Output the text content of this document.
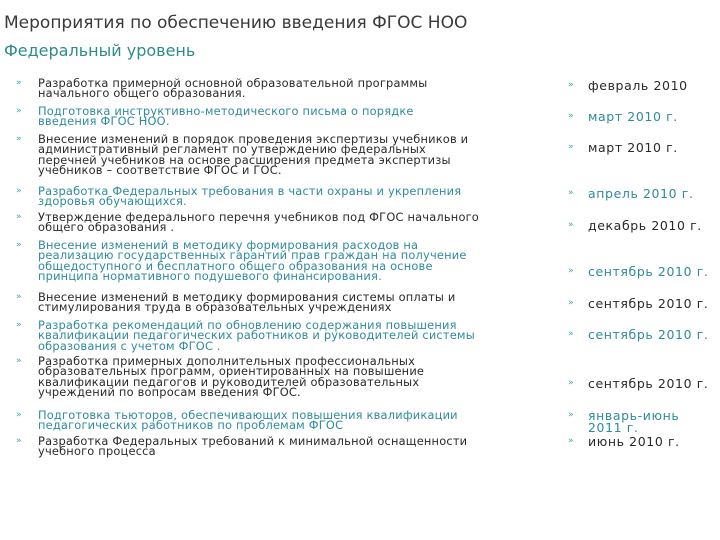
Мероприятия по обеспечению введения ФГОС НОО
Федеральный уровень
» Разработка примерной основной образовательной программы
начального общего образования.
» Подготовка инструктивно-методического письма о порядке
введения ФГОС НОО.
» Внесение изменений в порядок проведения экспертизы учебников и
административный регламент по утверждению федеральных
перечней учебников на основе расширения предмета экспертизы
учебников – соответствие ФГОС и ГОС.
» Разработка Федеральных требования в части охраны и укрепления
здоровья обучающихся.
» Утверждение федерального перечня учебников под ФГОС начального
общего образования .
» Внесение изменений в методику формирования расходов на
реализацию государственных гарантий прав граждан на получение
общедоступного и бесплатного общего образования на основе
принципа нормативного подушевого финансирования.
» Внесение изменений в методику формирования системы оплаты и
стимулирования труда в образовательных учреждениях
» Разработка рекомендаций по обновлению содержания повышения
квалификации педагогических работников и руководителей системы
образования с учетом ФГОС .
» Разработка примерных дополнительных профессиональных
образовательных программ, ориентированных на повышение
квалификации педагогов и руководителей образовательных
учреждений по вопросам введения ФГОС.
» Подготовка тьюторов, обеспечивающих повышения квалификации
педагогических работников по проблемам ФГОС
» Разработка Федеральных требований к минимальной оснащенности
учебного процесса
» февраль 2010
» март 2010 г.
» март 2010 г.
» апрель 2010 г.
» декабрь 2010 г.
» сентябрь 2010 г.
» сентябрь 2010 г.
» сентябрь 2010 г.
» сентябрь 2010 г.
» январь-июнь
2011 г.
» июнь 2010 г.
